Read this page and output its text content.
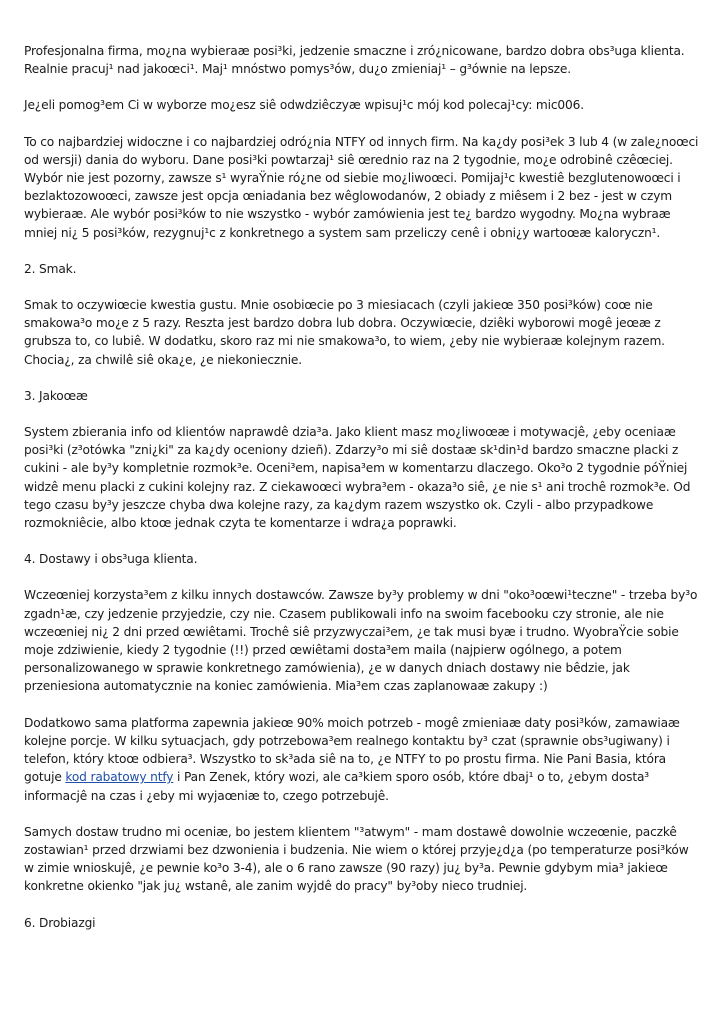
Profesjonalna firma, mo¿na wybieraæ posi³ki, jedzenie smaczne i zró¿nicowane, bardzo dobra obs³uga klienta. Realnie pracuj¹ nad jakoœci¹. Maj¹ mnóstwo pomys³ów, du¿o zmieniaj¹ – g³ównie na lepsze.

Je¿eli pomog³em Ci w wyborze mo¿esz siê odwdziêczyæ wpisuj¹c mój kod polecaj¹cy: mic006.

To co najbardziej widoczne i co najbardziej odró¿nia NTFY od innych firm. Na ka¿dy posi³ek 3 lub 4 (w zale¿noœci od wersji) dania do wyboru. Dane posi³ki powtarzaj¹ siê œrednio raz na 2 tygodnie, mo¿e odrobinê czêœciej. Wybór nie jest pozorny, zawsze s¹ wyraŸnie ró¿ne od siebie mo¿liwoœci. Pomijaj¹c kwestiê bezglutenowoœci i bezlaktozowoœci, zawsze jest opcja œniadania bez wêglowodanów, 2 obiady z miêsem i 2 bez - jest w czym wybieraæ. Ale wybór posi³ków to nie wszystko - wybór zamówienia jest te¿ bardzo wygodny. Mo¿na wybraæ mniej ni¿ 5 posi³ków, rezygnuj¹c z konkretnego a system sam przeliczy cenê i obni¿y wartoœæ kaloryczn¹.

2. Smak.

Smak to oczywiœcie kwestia gustu. Mnie osobiœcie po 3 miesiacach (czyli jakieœ 350 posi³ków) coœ nie smakowa³o mo¿e z 5 razy. Reszta jest bardzo dobra lub dobra. Oczywiœcie, dziêki wyborowi mogê jeœæ z grubsza to, co lubiê. W dodatku, skoro raz mi nie smakowa³o, to wiem, ¿eby nie wybieraæ kolejnym razem. Chocia¿, za chwilê siê oka¿e, ¿e niekoniecznie.

3. Jakoœæ

System zbierania info od klientów naprawdê dzia³a. Jako klient masz mo¿liwoœæ i motywacjê, ¿eby oceniaæ posi³ki (z³otówka "zni¿ki" za ka¿dy oceniony dzieñ). Zdarzy³o mi siê dostaæ sk¹din¹d bardzo smaczne placki z cukini - ale by³y kompletnie rozmok³e. Oceni³em, napisa³em w komentarzu dlaczego. Oko³o 2 tygodnie póŸniej widzê menu placki z cukini kolejny raz. Z ciekawoœci wybra³em - okaza³o siê, ¿e nie s¹ ani trochê rozmok³e. Od tego czasu by³y jeszcze chyba dwa kolejne razy, za ka¿dym razem wszystko ok. Czyli - albo przypadkowe rozmokniêcie, albo ktoœ jednak czyta te komentarze i wdra¿a poprawki.

4. Dostawy i obs³uga klienta.

Wczeœniej korzysta³em z kilku innych dostawców. Zawsze by³y problemy w dni "oko³oœwi¹teczne" - trzeba by³o zgadn¹æ, czy jedzenie przyjedzie, czy nie. Czasem publikowali info na swoim facebooku czy stronie, ale nie wczeœniej ni¿ 2 dni przed œwiêtami. Trochê siê przyzwyczai³em, ¿e tak musi byæ i trudno. WyobraŸcie sobie moje zdziwienie, kiedy 2 tygodnie (!!) przed œwiêtami dosta³em maila (najpierw ogólnego, a potem personalizowanego w sprawie konkretnego zamówienia), ¿e w danych dniach dostawy nie bêdzie, jak przeniesiona automatycznie na koniec zamówienia. Mia³em czas zaplanowaæ zakupy :)

Dodatkowo sama platforma zapewnia jakieœ 90% moich potrzeb - mogê zmieniaæ daty posi³ków, zamawiaæ kolejne porcje. W kilku sytuacjach, gdy potrzebowa³em realnego kontaktu by³ czat (sprawnie obs³ugiwany) i telefon, który ktoœ odbiera³. Wszystko to sk³ada siê na to, ¿e NTFY to po prostu firma. Nie Pani Basia, która gotuje kod rabatowy ntfy i Pan Zenek, który wozi, ale ca³kiem sporo osób, które dbaj¹ o to, ¿ebym dosta³ informacjê na czas i ¿eby mi wyjaœniæ to, czego potrzebujê.

Samych dostaw trudno mi oceniæ, bo jestem klientem "³atwym" - mam dostawê dowolnie wczeœnie, paczkê zostawian¹ przed drzwiami bez dzwonienia i budzenia. Nie wiem o której przyje¿d¿a (po temperaturze posi³ków w zimie wnioskujê, ¿e pewnie ko³o 3-4), ale o 6 rano zawsze (90 razy) ju¿ by³a. Pewnie gdybym mia³ jakieœ konkretne okienko "jak ju¿ wstanê, ale zanim wyjdê do pracy" by³oby nieco trudniej.

6. Drobiazgi
